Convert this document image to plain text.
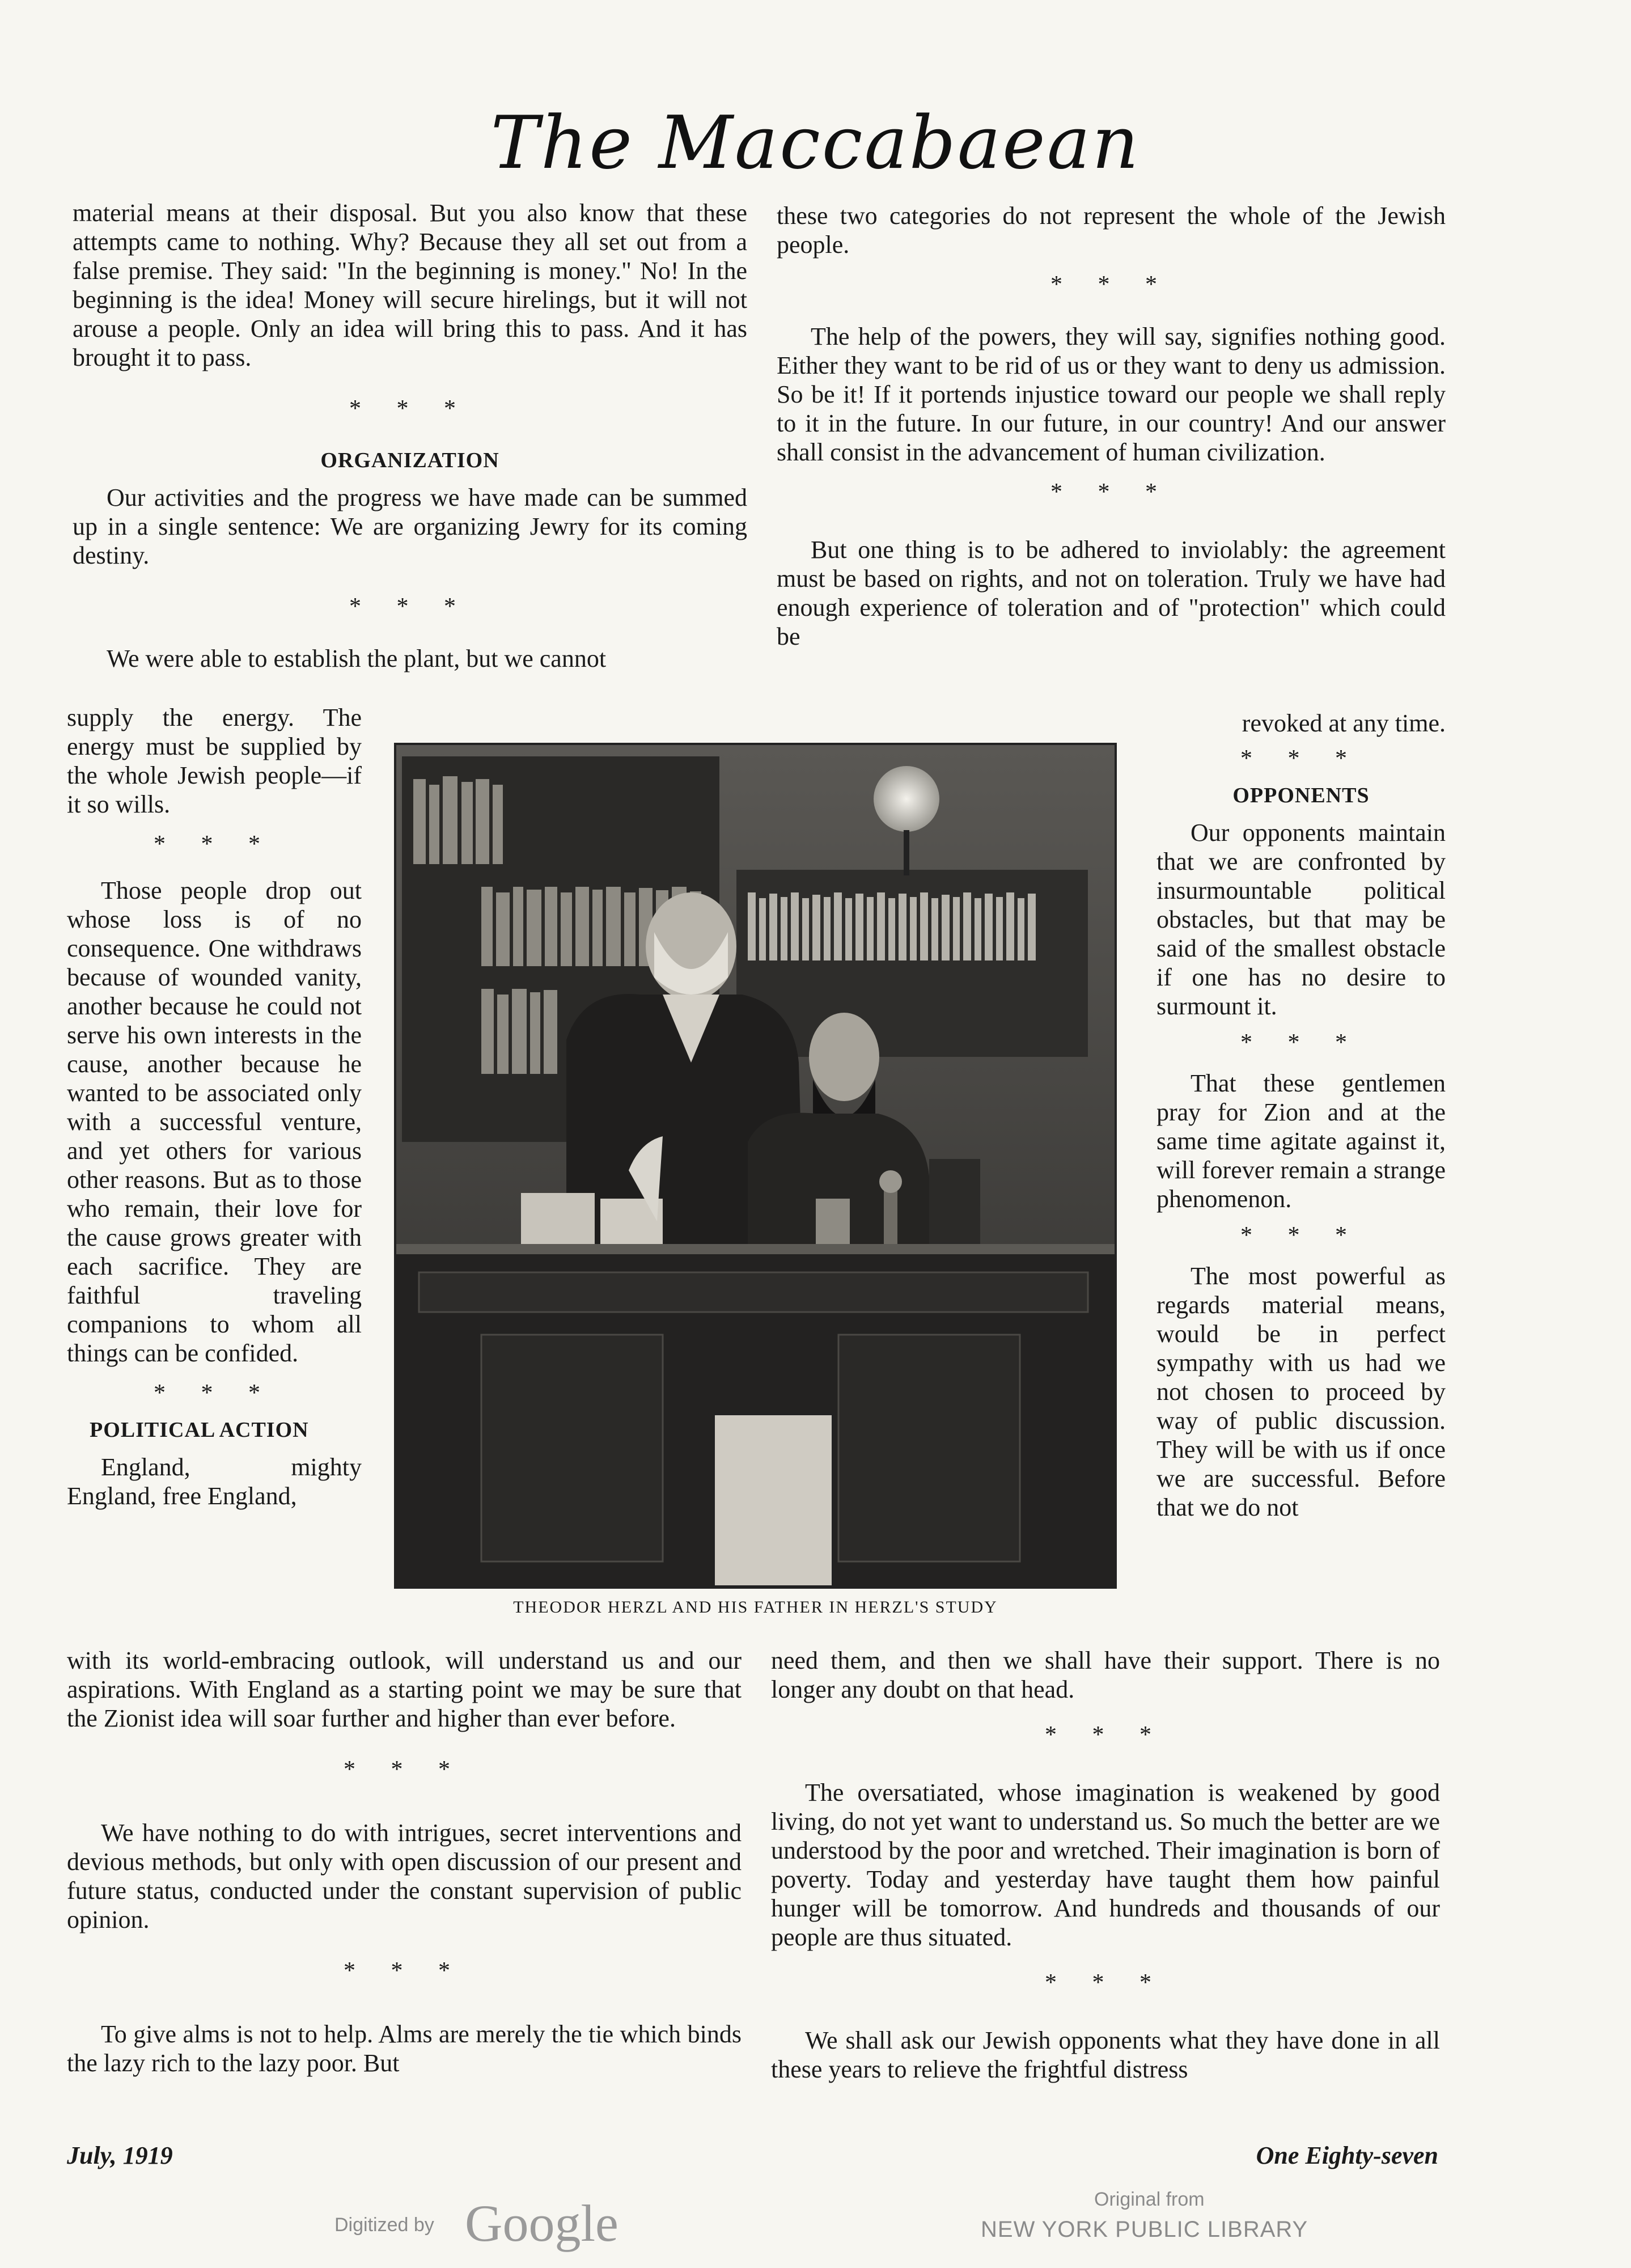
The Maccabaean

material means at their disposal. But you also know that these attempts came to nothing. Why? Because they all set out from a false premise. They said: "In the beginning is money." No! In the beginning is the idea! Money will secure hirelings, but it will not arouse a people. Only an idea will bring this to pass. And it has brought it to pass.

* * *
ORGANIZATION

Our activities and the progress we have made can be summed up in a single sentence: We are organizing Jewry for its coming destiny.

* * *

We were able to establish the plant, but we cannot

supply the energy. The energy must be supplied by the whole Jewish people—if it so wills.

* * *

Those people drop out whose loss is of no consequence. One withdraws because of wounded vanity, another because he could not serve his own interests in the cause, another because he wanted to be associated only with a successful venture, and yet others for various other reasons. But as to those who remain, their love for the cause grows greater with each sacrifice. They are faithful traveling companions to whom all things can be confided.

* * *
POLITICAL ACTION

England, mighty England, free England,

with its world-embracing outlook, will understand us and our aspirations. With England as a starting point we may be sure that the Zionist idea will soar further and higher than ever before.

* * *

We have nothing to do with intrigues, secret interventions and devious methods, but only with open discussion of our present and future status, conducted under the constant supervision of public opinion.

* * *

To give alms is not to help. Alms are merely the tie which binds the lazy rich to the lazy poor. But

these two categories do not represent the whole of the Jewish people.

* * *

The help of the powers, they will say, signifies nothing good. Either they want to be rid of us or they want to deny us admission. So be it! If it portends injustice toward our people we shall reply to it in the future. In our future, in our country! And our answer shall consist in the advancement of human civilization.

* * *

But one thing is to be adhered to inviolably: the agreement must be based on rights, and not on toleration. Truly we have had enough experience of toleration and of "protection" which could be

revoked at any time.

* * *
OPPONENTS

Our opponents maintain that we are confronted by insurmountable political obstacles, but that may be said of the smallest obstacle if one has no desire to surmount it.

* * *

That these gentlemen pray for Zion and at the same time agitate against it, will forever remain a strange phenomenon.

* * *

The most powerful as regards material means, would be in perfect sympathy with us had we not chosen to proceed by way of public discussion. They will be with us if once we are successful. Before that we do not

need them, and then we shall have their support. There is no longer any doubt on that head.

* * *

The oversatiated, whose imagination is weakened by good living, do not yet want to understand us. So much the better are we understood by the poor and wretched. Their imagination is born of poverty. Today and yesterday have taught them how painful hunger will be tomorrow. And hundreds and thousands of our people are thus situated.

* * *

We shall ask our Jewish opponents what they have done in all these years to relieve the frightful distress

THEODOR HERZL AND HIS FATHER IN HERZL'S STUDY
July, 1919	One Eighty-seven
Digitized by Google	Original from
NEW YORK PUBLIC LIBRARY
